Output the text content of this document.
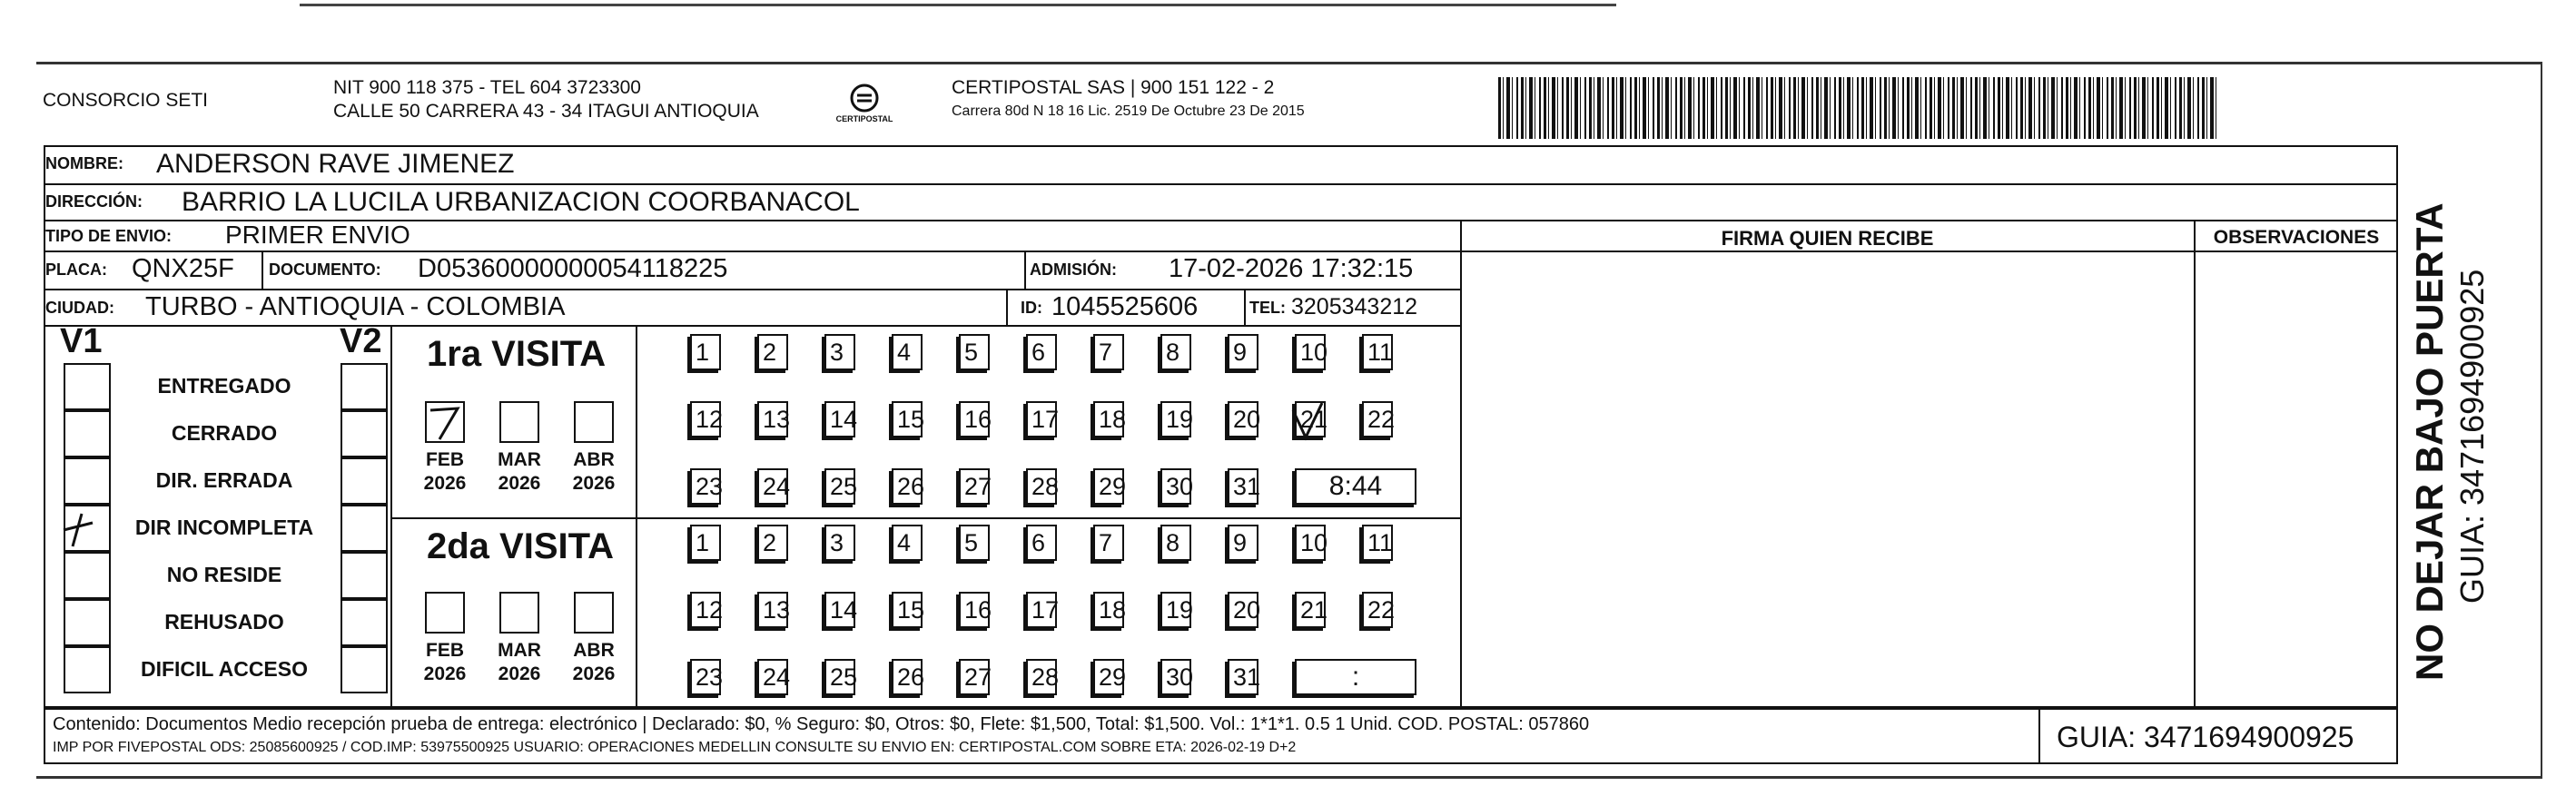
CONSORCIO SETI
NIT 900 118 375 - TEL 604 3723300
CALLE 50 CARRERA 43 - 34 ITAGUI ANTIOQUIA	CERTIPOSTAL
CERTIPOSTAL SAS | 900 151 122 - 2
Carrera 80d N 18 16 Lic. 2519 De Octubre 23 De 2015
NOMBRE: ANDERSON RAVE JIMENEZ
DIRECCIÓN: BARRIO LA LUCILA URBANIZACION COORBANACOL
TIPO DE ENVIO: PRIMER ENVIO	FIRMA QUIEN RECIBE	OBSERVACIONES
PLACA: QNX25F DOCUMENTO: D05360000000054118225	ADMISIÓN: 17-02-2026 17:32:15
CIUDAD: TURBO - ANTIOQUIA - COLOMBIA	ID: 1045525606	TEL: 3205343212
V1	V2
ENTREGADO
CERRADO
DIR. ERRADA
DIR INCOMPLETA
NO RESIDE
REHUSADO
DIFICIL ACCESO
1ra VISITA
FEB
2026
MAR
2026
ABR
2026
1	2	3	4	5	6	7	8	9	10 11
12 13 14 15 16 17 18 19 20 21 22
23 24 25 26 27 28 29 30 31	8:44
2da VISITA
FEB
2026
MAR
2026
ABR
2026
1	2	3	4	5	6	7	8	9	10 11
12 13 14 15 16 17 18 19 20 21 22
23 24 25 26 27 28 29 30 31	:
Contenido: Documentos Medio recepción prueba de entrega: electrónico | Declarado: $0, % Seguro: $0, Otros: $0, Flete: $1,500, Total: $1,500. Vol.: 1*1*1. 0.5 1 Unid. COD. POSTAL: 057860
IMP POR FIVEPOSTAL ODS: 25085600925 / COD.IMP: 53975500925 USUARIO: OPERACIONES MEDELLIN CONSULTE SU ENVIO EN: CERTIPOSTAL.COM SOBRE ETA: 2026-02-19 D+2	GUIA: 3471694900925
NO DEJAR BAJO PUERTA GUIA: 3471694900925
